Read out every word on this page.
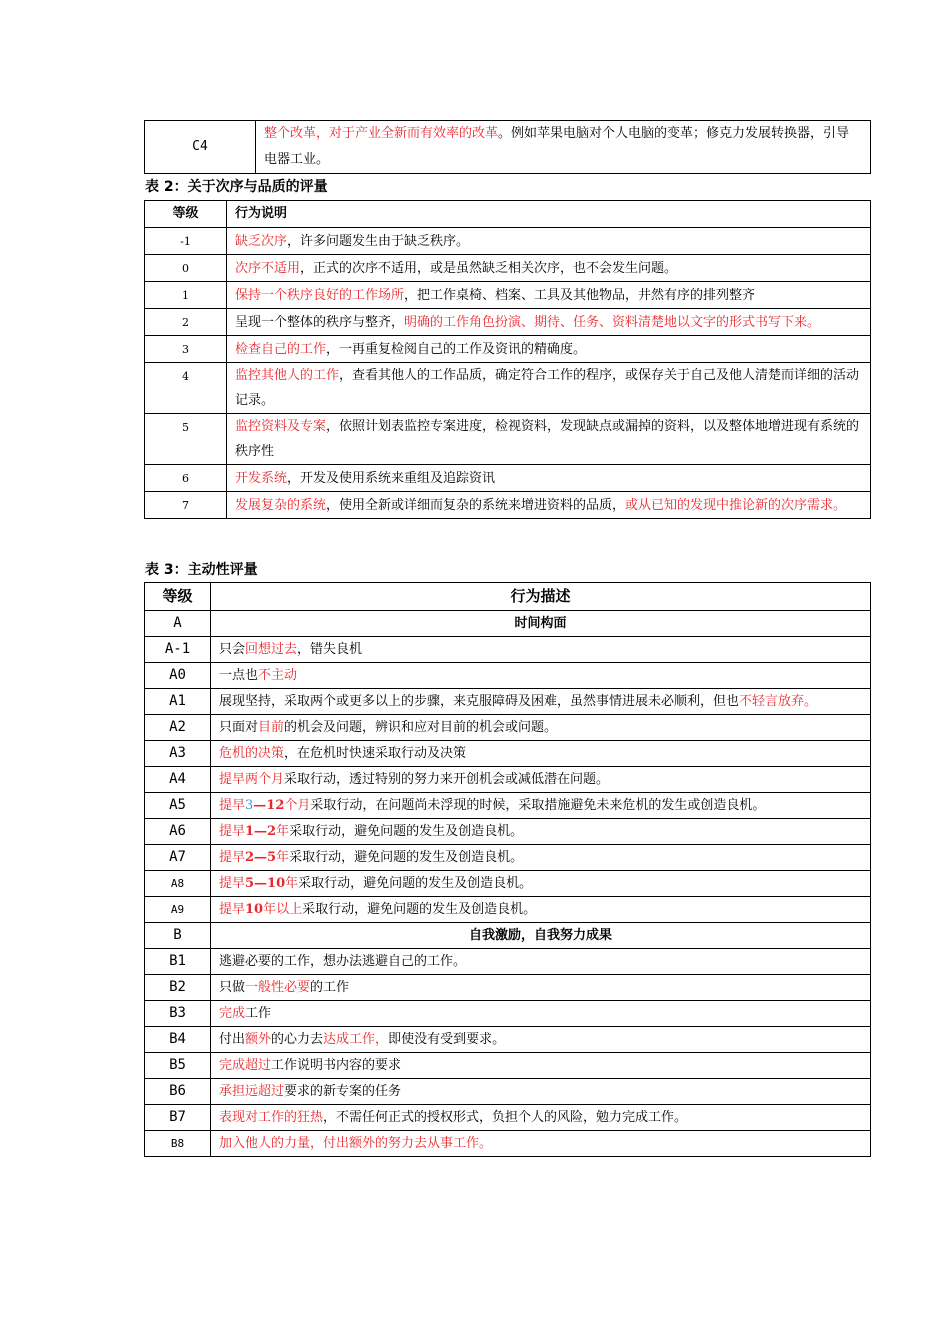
C4	整个改革，对于产业全新而有效率的改革。例如苹果电脑对个人电脑的变革；修克力发展转换器，引导电器工业。
表 2：关于次序与品质的评量
等级	行为说明
-1	缺乏次序，许多问题发生由于缺乏秩序。
0	次序不适用，正式的次序不适用，或是虽然缺乏相关次序，也不会发生问题。
1	保持一个秩序良好的工作场所，把工作桌椅、档案、工具及其他物品，井然有序的排列整齐
2	呈现一个整体的秩序与整齐，明确的工作角色扮演、期待、任务、资料清楚地以文字的形式书写下来。
3	检查自己的工作，一再重复检阅自己的工作及资讯的精确度。
4	监控其他人的工作，查看其他人的工作品质，确定符合工作的程序，或保存关于自己及他人清楚而详细的活动记录。
5	监控资料及专案，依照计划表监控专案进度，检视资料，发现缺点或漏掉的资料，以及整体地增进现有系统的秩序性
6	开发系统，开发及使用系统来重组及追踪资讯
7	发展复杂的系统，使用全新或详细而复杂的系统来增进资料的品质，或从已知的发现中推论新的次序需求。
表 3：主动性评量
等级	行为描述
A	时间构面
A-1	只会回想过去，错失良机
A0	一点也不主动
A1	展现坚持，采取两个或更多以上的步骤，来克服障碍及困难，虽然事情进展未必顺利，但也不轻言放弃。
A2	只面对目前的机会及问题，辨识和应对目前的机会或问题。
A3	危机的决策，在危机时快速采取行动及决策
A4	提早两个月采取行动，透过特别的努力来开创机会或减低潜在问题。
A5	提早3—12个月采取行动，在问题尚未浮现的时候，采取措施避免未来危机的发生或创造良机。
A6	提早1—2年采取行动，避免问题的发生及创造良机。
A7	提早2—5年采取行动，避免问题的发生及创造良机。
A8	提早5—10年采取行动，避免问题的发生及创造良机。
A9	提早10年以上采取行动，避免问题的发生及创造良机。
B	自我激励，自我努力成果
B1	逃避必要的工作，想办法逃避自己的工作。
B2	只做一般性必要的工作
B3	完成工作
B4	付出额外的心力去达成工作，即使没有受到要求。
B5	完成超过工作说明书内容的要求
B6	承担远超过要求的新专案的任务
B7	表现对工作的狂热，不需任何正式的授权形式，负担个人的风险，勉力完成工作。
B8	加入他人的力量，付出额外的努力去从事工作。
